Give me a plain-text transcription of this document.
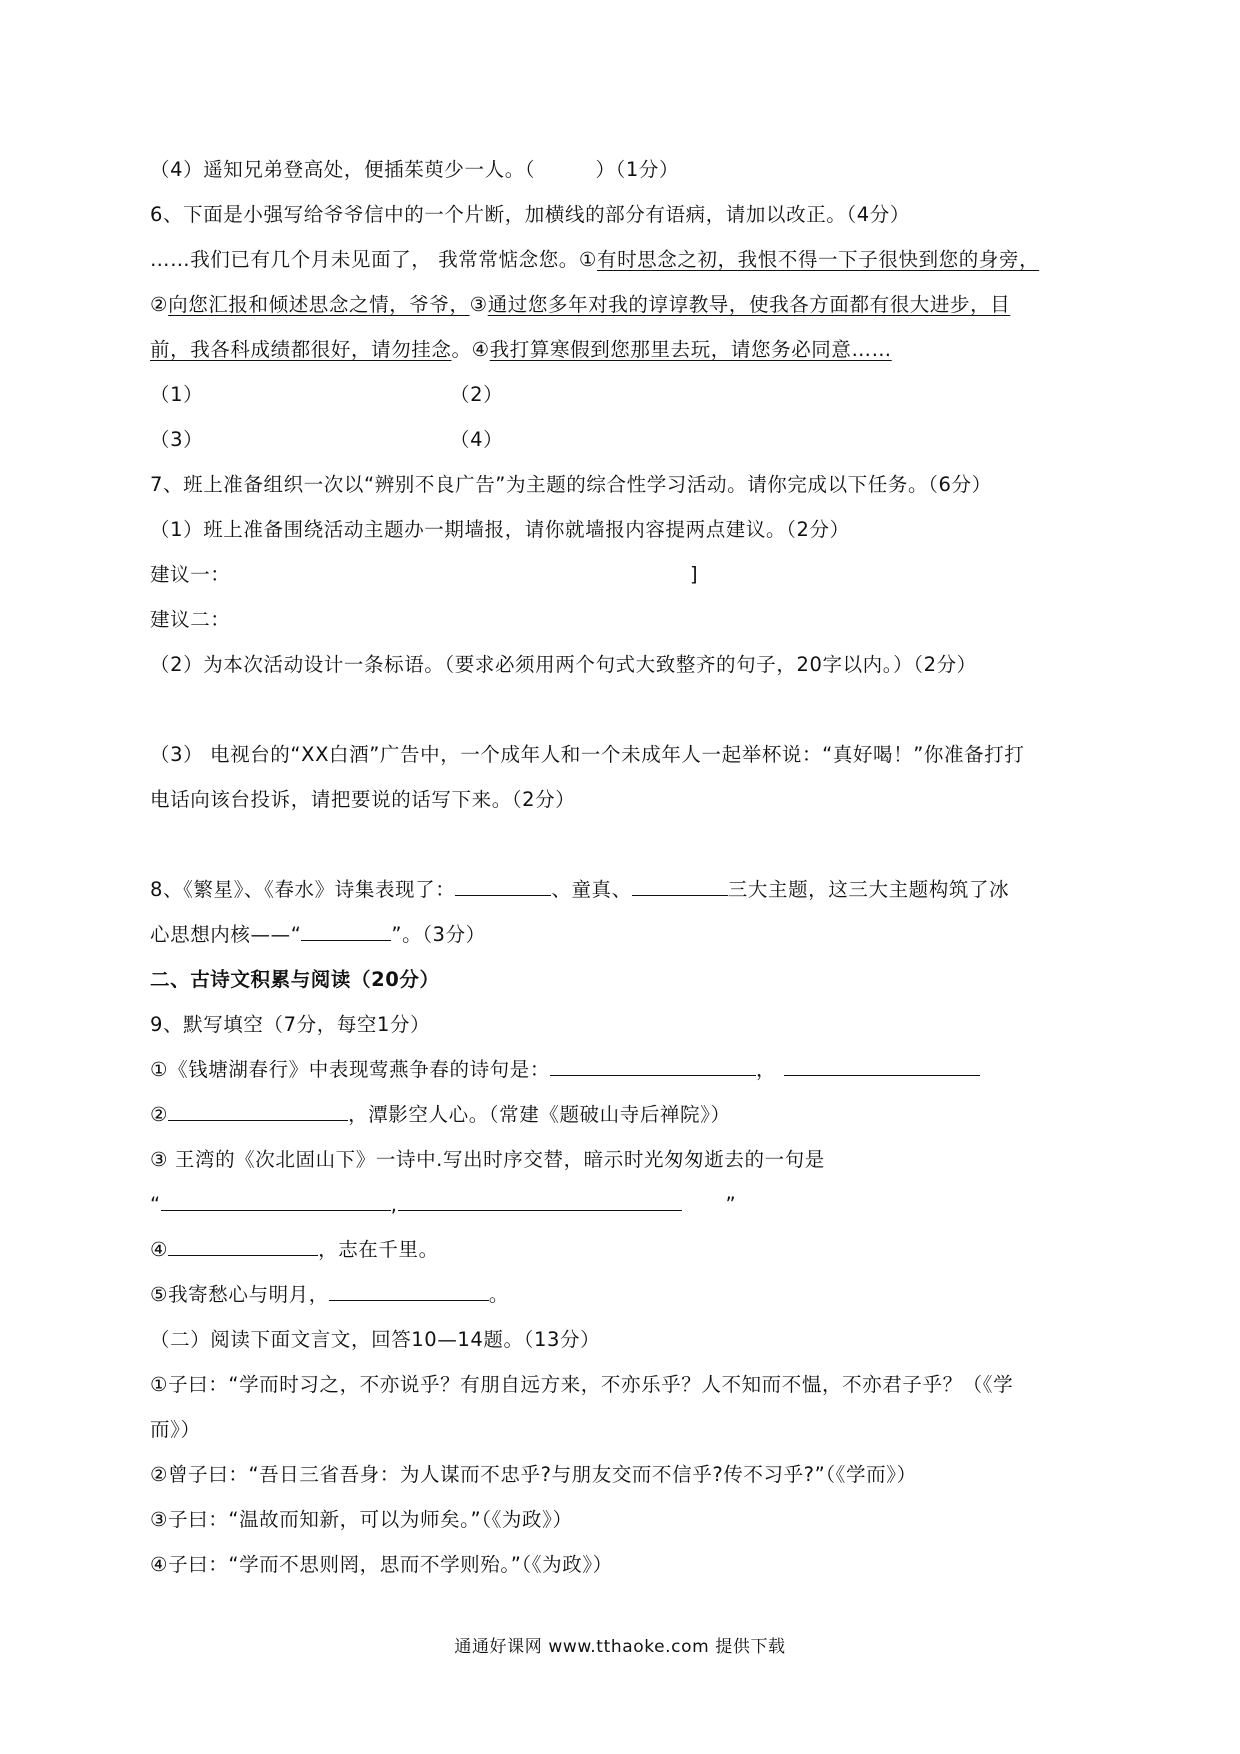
（4）遥知兄弟登高处，便插茱萸少一人。（　　　）（1分）
6、下面是小强写给爷爷信中的一个片断，加横线的部分有语病，请加以改正。（4分）
……我们已有几个月未见面了， 我常常惦念您。①有时思念之初，我恨不得一下子很快到您的身旁，
②向您汇报和倾述思念之情，爷爷，③通过您多年对我的谆谆教导，使我各方面都有很大进步，目
前，我各科成绩都很好，请勿挂念。④我打算寒假到您那里去玩，请您务必同意……
（1）	（2）
（3）	（4）
7、班上准备组织一次以“辨别不良广告”为主题的综合性学习活动。请你完成以下任务。（6分）
（1）班上准备围绕活动主题办一期墙报，请你就墙报内容提两点建议。（2分）
建议一：	]
建议二：
（2）为本次活动设计一条标语。（要求必须用两个句式大致整齐的句子，20字以内。）（2分）
（3） 电视台的“XX白酒”广告中，一个成年人和一个未成年人一起举杯说：“真好喝！”你准备打打
电话向该台投诉，请把要说的话写下来。（2分）
8、《繁星》、《春水》诗集表现了：	、童真、	三大主题，这三大主题构筑了冰
心思想内核——“	”。（3分）
二、古诗文积累与阅读（20分）
9、默写填空（7分，每空1分）
①《钱塘湖春行》中表现莺燕争春的诗句是：	，
②	，潭影空人心。（常建《题破山寺后禅院》）
③ 王湾的《次北固山下》一诗中.写出时序交替，暗示时光匆匆逝去的一句是
“	,	”
④	，志在千里。
⑤我寄愁心与明月，	。
（二）阅读下面文言文，回答10—14题。（13分）
①子曰：“学而时习之，不亦说乎？有朋自远方来，不亦乐乎？人不知而不愠，不亦君子乎？（《学
而》）
②曾子曰：“吾日三省吾身：为人谋而不忠乎?与朋友交而不信乎?传不习乎?”（《学而》）
③子曰：“温故而知新，可以为师矣。”（《为政》）
④子曰：“学而不思则罔，思而不学则殆。”（《为政》）
通通好课网 www.tthaoke.com 提供下载
